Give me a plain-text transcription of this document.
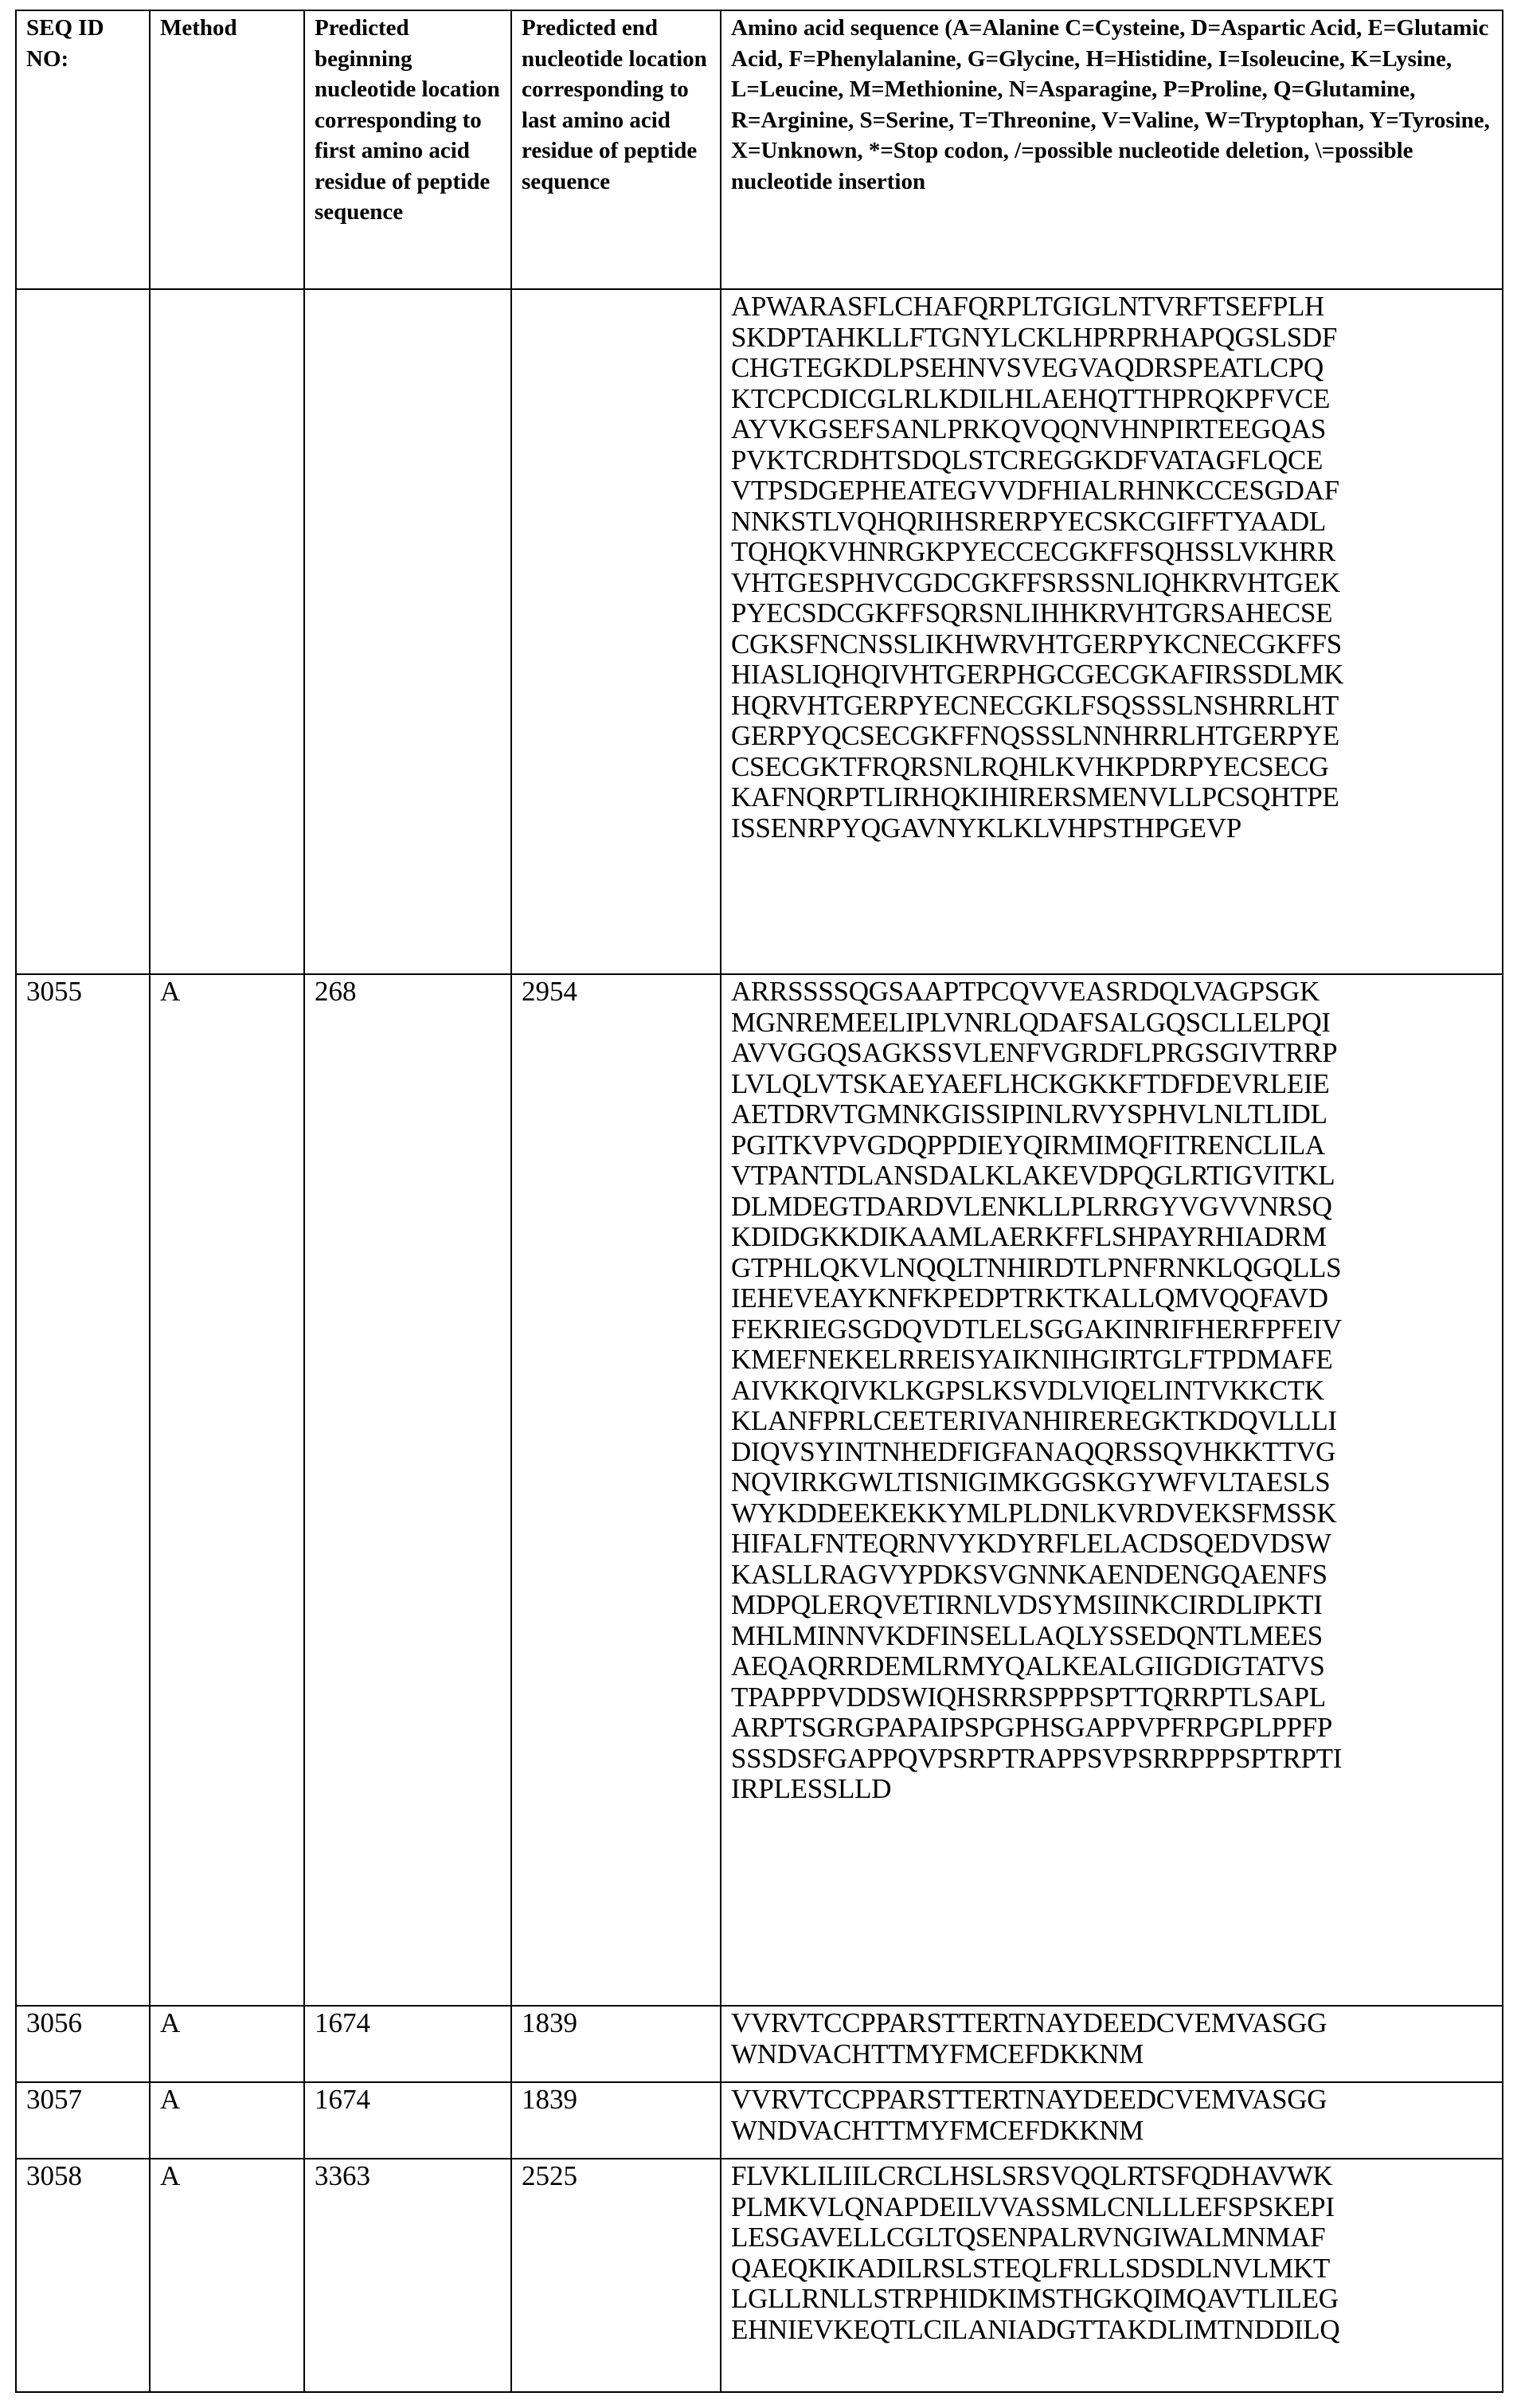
SEQ ID NO:	Method	Predicted beginning nucleotide location corresponding to first amino acid residue of peptide sequence	Predicted end nucleotide location corresponding to last amino acid residue of peptide sequence	Amino acid sequence (A=Alanine C=Cysteine, D=Aspartic Acid, E=Glutamic Acid, F=Phenylalanine, G=Glycine, H=Histidine, I=Isoleucine, K=Lysine, L=Leucine, M=Methionine, N=Asparagine, P=Proline, Q=Glutamine, R=Arginine, S=Serine, T=Threonine, V=Valine, W=Tryptophan, Y=Tyrosine, X=Unknown, *=Stop codon, /=possible nucleotide deletion, \=possible nucleotide insertion

APWARASFLCHAFQRPLTGIGLNTVRFTSEFPLH
SKDPTAHKLLFTGNYLCKLHPRPRHAPQGSLSDF
CHGTEGKDLPSEHNVSVEGVAQDRSPEATLCPQ
KTCPCDICGLRLKDILHLAEHQTTHPRQKPFVCE
AYVKGSEFSANLPRKQVQQNVHNPIRTEEGQAS
PVKTCRDHTSDQLSTCREGGKDFVATAGFLQCE
VTPSDGEPHEATEGVVDFHIALRHNKCCESGDAF
NNKSTLVQHQRIHSRERPYECSKCGIFFTYAADL
TQHQKVHNRGKPYECCECGKFFSQHSSLVKHRR
VHTGESPHVCGDCGKFFSRSSNLIQHKRVHTGEK
PYECSDCGKFFSQRSNLIHHKRVHTGRSAHECSE
CGKSFNCNSSLIKHWRVHTGERPYKCNECGKFFS
HIASLIQHQIVHTGERPHGCGECGKAFIRSSDLMK
HQRVHTGERPYECNECGKLFSQSSSLNSHRRLHT
GERPYQCSECGKFFNQSSSLNNHRRLHTGERPYE
CSECGKTFRQRSNLRQHLKVHKPDRPYECSECG
KAFNQRPTLIRHQKIHIRERSMENVLLPCSQHTPE
ISSENRPYQGAVNYKLKLVHPSTHPGEVP

3055	A	268	2954	ARRSSSSQGSAAPTPCQVVEASRDQLVAGPSGK
MGNREMEELIPLVNRLQDAFSALGQSCLLELPQI
AVVGGQSAGKSSVLENFVGRDFLPRGSGIVTRRP
LVLQLVTSKAEYAEFLHCKGKKFTDFDEVRLEIE
AETDRVTGMNKGISSIPINLRVYSPHVLNLTLIDL
PGITKVPVGDQPPDIEYQIRMIMQFITRENCLILA
VTPANTDLANSDALKLAKEVDPQGLRTIGVITKL
DLMDEGTDARDVLENKLLPLRRGYVGVVNRSQ
KDIDGKKDIKAAMLAERKFFLSHPAYRHIADRM
GTPHLQKVLNQQLTNHIRDTLPNFRNKLQGQLLS
IEHEVEAYKNFKPEDPTRKTKALLQMVQQFAVD
FEKRIEGSGDQVDTLELSGGAKINRIFHERFPFEIV
KMEFNEKELRREISYAIKNIHGIRTGLFTPDMAFE
AIVKKQIVKLKGPSLKSVDLVIQELINTVKKCTK
KLANFPRLCEETERIVANHIREREGKTKDQVLLLI
DIQVSYINTNHEDFIGFANAQQRSSQVHKKTTVG
NQVIRKGWLTISNIGIMKGGSKGYWFVLTAESLS
WYKDDEEKEKKYMLPLDNLKVRDVEKSFMSSK
HIFALFNTEQRNVYKDYRFLELACDSQEDVDSW
KASLLRAGVYPDKSVGNNKAENDENGQAENFS
MDPQLERQVETIRNLVDSYMSIINKCIRDLIPKTI
MHLMINNVKDFINSELLAQLYSSEDQNTLMEES
AEQAQRRDEMLRMYQALKEALGIIGDIGTATVS
TPAPPPVDDSWIQHSRRSPPPSPTTQRRPTLSAPL
ARPTSGRGPAPAIPSPGPHSGAPPVPFRPGPLPPFP
SSSDSFGAPPQVPSRPTRAPPSVPSRRPPPSPTRPTI
IRPLESSLLD

3056	A	1674	1839	VVRVTCCPPARSTTERTNAYDEEDCVEMVASGG
WNDVACHTTMYFMCEFDKKNM

3057	A	1674	1839	VVRVTCCPPARSTTERTNAYDEEDCVEMVASGG
WNDVACHTTMYFMCEFDKKNM

3058	A	3363	2525	FLVKLILIILCRCLHSLSRSVQQLRTSFQDHAVWK
PLMKVLQNAPDEILVVASSMLCNLLLEFSPSKEPI
LESGAVELLCGLTQSENPALRVNGIWALMNMAF
QAEQKIKADILRSLSTEQLFRLLSDSDLNVLMKT
LGLLRNLLSTRPHIDKIMSTHGKQIMQAVTLILEG
EHNIEVKEQTLCILANIADGTTAKDLIMTNDDILQ
